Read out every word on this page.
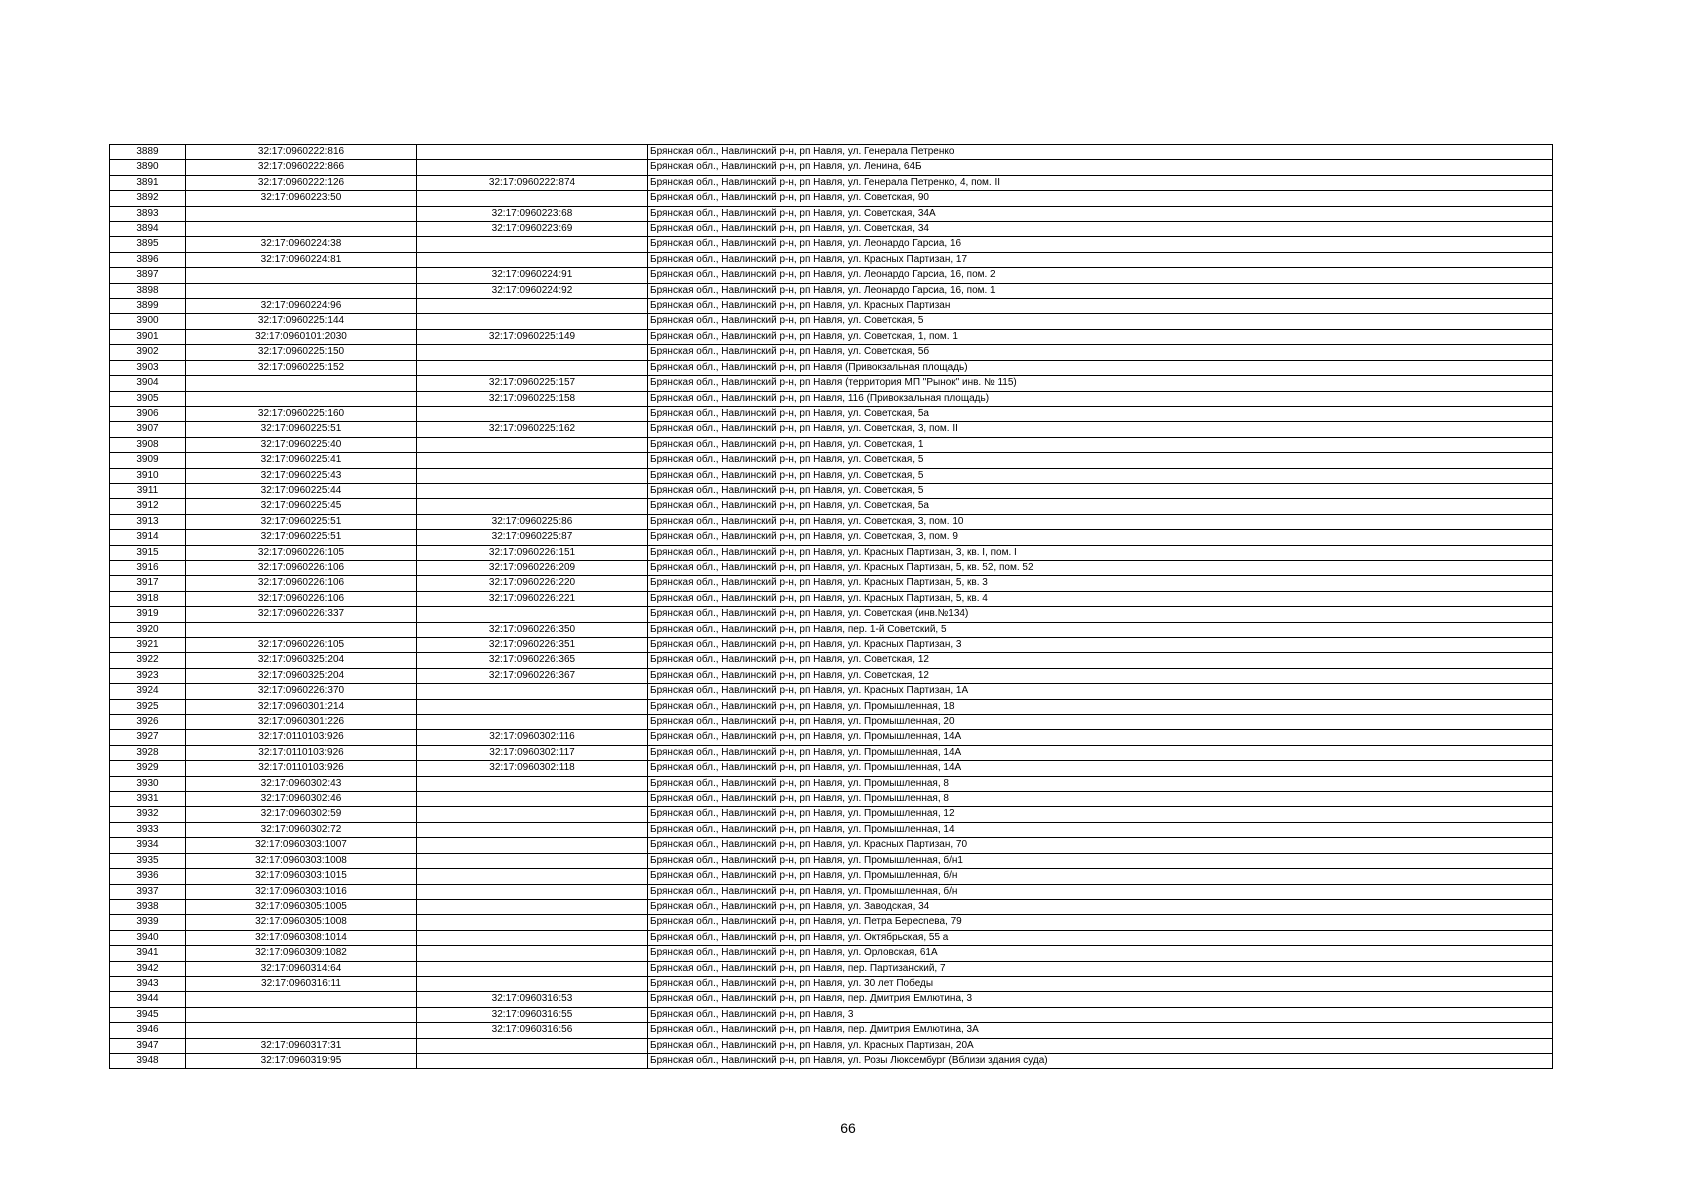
3889	32:17:0960222:816		Брянская обл., Навлинский р-н, рп Навля, ул. Генерала Петренко
3890	32:17:0960222:866		Брянская обл., Навлинский р-н, рп Навля, ул. Ленина, 64Б
3891	32:17:0960222:126	32:17:0960222:874	Брянская обл., Навлинский р-н, рп Навля, ул. Генерала Петренко, 4, пом. II
3892	32:17:0960223:50		Брянская обл., Навлинский р-н, рп Навля, ул. Советская, 90
3893		32:17:0960223:68	Брянская обл., Навлинский р-н, рп Навля, ул. Советская, 34А
3894		32:17:0960223:69	Брянская обл., Навлинский р-н, рп Навля, ул. Советская, 34
3895	32:17:0960224:38		Брянская обл., Навлинский р-н, рп Навля, ул. Леонардо Гарсиа, 16
3896	32:17:0960224:81		Брянская обл., Навлинский р-н, рп Навля, ул. Красных Партизан, 17
3897		32:17:0960224:91	Брянская обл., Навлинский р-н, рп Навля, ул. Леонардо Гарсиа, 16, пом. 2
3898		32:17:0960224:92	Брянская обл., Навлинский р-н, рп Навля, ул. Леонардо Гарсиа, 16, пом. 1
3899	32:17:0960224:96		Брянская обл., Навлинский р-н, рп Навля, ул. Красных Партизан
3900	32:17:0960225:144		Брянская обл., Навлинский р-н, рп Навля, ул. Советская, 5
3901	32:17:0960101:2030	32:17:0960225:149	Брянская обл., Навлинский р-н, рп Навля, ул. Советская, 1, пом. 1
3902	32:17:0960225:150		Брянская обл., Навлинский р-н, рп Навля, ул. Советская, 5б
3903	32:17:0960225:152		Брянская обл., Навлинский р-н, рп Навля (Привокзальная площадь)
3904		32:17:0960225:157	Брянская обл., Навлинский р-н, рп Навля (территория МП "Рынок" инв. № 115)
3905		32:17:0960225:158	Брянская обл., Навлинский р-н, рп Навля, 116 (Привокзальная площадь)
3906	32:17:0960225:160		Брянская обл., Навлинский р-н, рп Навля, ул. Советская, 5а
3907	32:17:0960225:51	32:17:0960225:162	Брянская обл., Навлинский р-н, рп Навля, ул. Советская, 3, пом. II
3908	32:17:0960225:40		Брянская обл., Навлинский р-н, рп Навля, ул. Советская, 1
3909	32:17:0960225:41		Брянская обл., Навлинский р-н, рп Навля, ул. Советская, 5
3910	32:17:0960225:43		Брянская обл., Навлинский р-н, рп Навля, ул. Советская, 5
3911	32:17:0960225:44		Брянская обл., Навлинский р-н, рп Навля, ул. Советская, 5
3912	32:17:0960225:45		Брянская обл., Навлинский р-н, рп Навля, ул. Советская, 5а
3913	32:17:0960225:51	32:17:0960225:86	Брянская обл., Навлинский р-н, рп Навля, ул. Советская, 3, пом. 10
3914	32:17:0960225:51	32:17:0960225:87	Брянская обл., Навлинский р-н, рп Навля, ул. Советская, 3, пом. 9
3915	32:17:0960226:105	32:17:0960226:151	Брянская обл., Навлинский р-н, рп Навля, ул. Красных Партизан, 3, кв. I, пом. I
3916	32:17:0960226:106	32:17:0960226:209	Брянская обл., Навлинский р-н, рп Навля, ул. Красных Партизан, 5, кв. 52, пом. 52
3917	32:17:0960226:106	32:17:0960226:220	Брянская обл., Навлинский р-н, рп Навля, ул. Красных Партизан, 5, кв. 3
3918	32:17:0960226:106	32:17:0960226:221	Брянская обл., Навлинский р-н, рп Навля, ул. Красных Партизан, 5, кв. 4
3919	32:17:0960226:337		Брянская обл., Навлинский р-н, рп Навля, ул. Советская (инв.№134)
3920		32:17:0960226:350	Брянская обл., Навлинский р-н, рп Навля, пер. 1-й Советский, 5
3921	32:17:0960226:105	32:17:0960226:351	Брянская обл., Навлинский р-н, рп Навля, ул. Красных Партизан, 3
3922	32:17:0960325:204	32:17:0960226:365	Брянская обл., Навлинский р-н, рп Навля, ул. Советская, 12
3923	32:17:0960325:204	32:17:0960226:367	Брянская обл., Навлинский р-н, рп Навля, ул. Советская, 12
3924	32:17:0960226:370		Брянская обл., Навлинский р-н, рп Навля, ул. Красных Партизан, 1А
3925	32:17:0960301:214		Брянская обл., Навлинский р-н, рп Навля, ул. Промышленная, 18
3926	32:17:0960301:226		Брянская обл., Навлинский р-н, рп Навля, ул. Промышленная, 20
3927	32:17:0110103:926	32:17:0960302:116	Брянская обл., Навлинский р-н, рп Навля, ул. Промышленная, 14А
3928	32:17:0110103:926	32:17:0960302:117	Брянская обл., Навлинский р-н, рп Навля, ул. Промышленная, 14А
3929	32:17:0110103:926	32:17:0960302:118	Брянская обл., Навлинский р-н, рп Навля, ул. Промышленная, 14А
3930	32:17:0960302:43		Брянская обл., Навлинский р-н, рп Навля, ул. Промышленная, 8
3931	32:17:0960302:46		Брянская обл., Навлинский р-н, рп Навля, ул. Промышленная, 8
3932	32:17:0960302:59		Брянская обл., Навлинский р-н, рп Навля, ул. Промышленная, 12
3933	32:17:0960302:72		Брянская обл., Навлинский р-н, рп Навля, ул. Промышленная, 14
3934	32:17:0960303:1007		Брянская обл., Навлинский р-н, рп Навля, ул. Красных Партизан, 70
3935	32:17:0960303:1008		Брянская обл., Навлинский р-н, рп Навля, ул. Промышленная, б/н1
3936	32:17:0960303:1015		Брянская обл., Навлинский р-н, рп Навля, ул. Промышленная, б/н
3937	32:17:0960303:1016		Брянская обл., Навлинский р-н, рп Навля, ул. Промышленная, б/н
3938	32:17:0960305:1005		Брянская обл., Навлинский р-н, рп Навля, ул. Заводская, 34
3939	32:17:0960305:1008		Брянская обл., Навлинский р-н, рп Навля, ул. Петра Бересnева, 79
3940	32:17:0960308:1014		Брянская обл., Навлинский р-н, рп Навля, ул. Октябрьская, 55 а
3941	32:17:0960309:1082		Брянская обл., Навлинский р-н, рп Навля, ул. Орловская, 61А
3942	32:17:0960314:64		Брянская обл., Навлинский р-н, рп Навля, пер. Партизанский, 7
3943	32:17:0960316:11		Брянская обл., Навлинский р-н, рп Навля, ул. 30 лет Победы
3944		32:17:0960316:53	Брянская обл., Навлинский р-н, рп Навля, пер. Дмитрия Емлютина, 3
3945		32:17:0960316:55	Брянская обл., Навлинский р-н, рп Навля, 3
3946		32:17:0960316:56	Брянская обл., Навлинский р-н, рп Навля, пер. Дмитрия Емлютина, 3А
3947	32:17:0960317:31		Брянская обл., Навлинский р-н, рп Навля, ул. Красных Партизан, 20А
3948	32:17:0960319:95		Брянская обл., Навлинский р-н, рп Навля, ул. Розы Люксембург (Вблизи здания суда)
66
